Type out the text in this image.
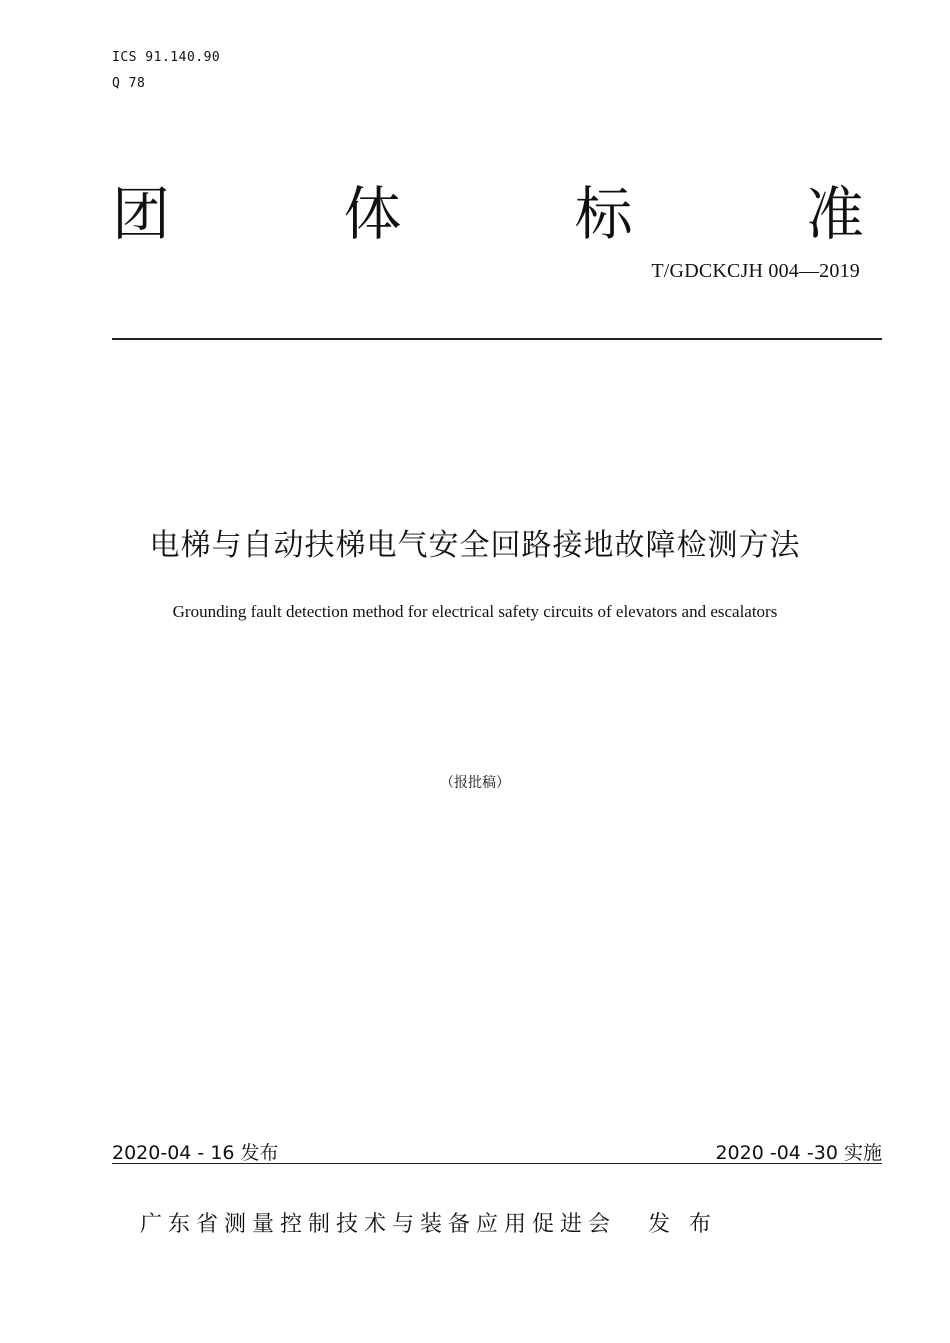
ICS 91.140.90
Q 78
团	体	标	准
T/GDCKCJH 004—2019
电梯与自动扶梯电气安全回路接地故障检测方法
Grounding fault detection method for electrical safety circuits of elevators and escalators
（报批稿）
2020-04 - 16 发布	2020 -04 -30 实施
广东省测量控制技术与装备应用促进会 发 布
